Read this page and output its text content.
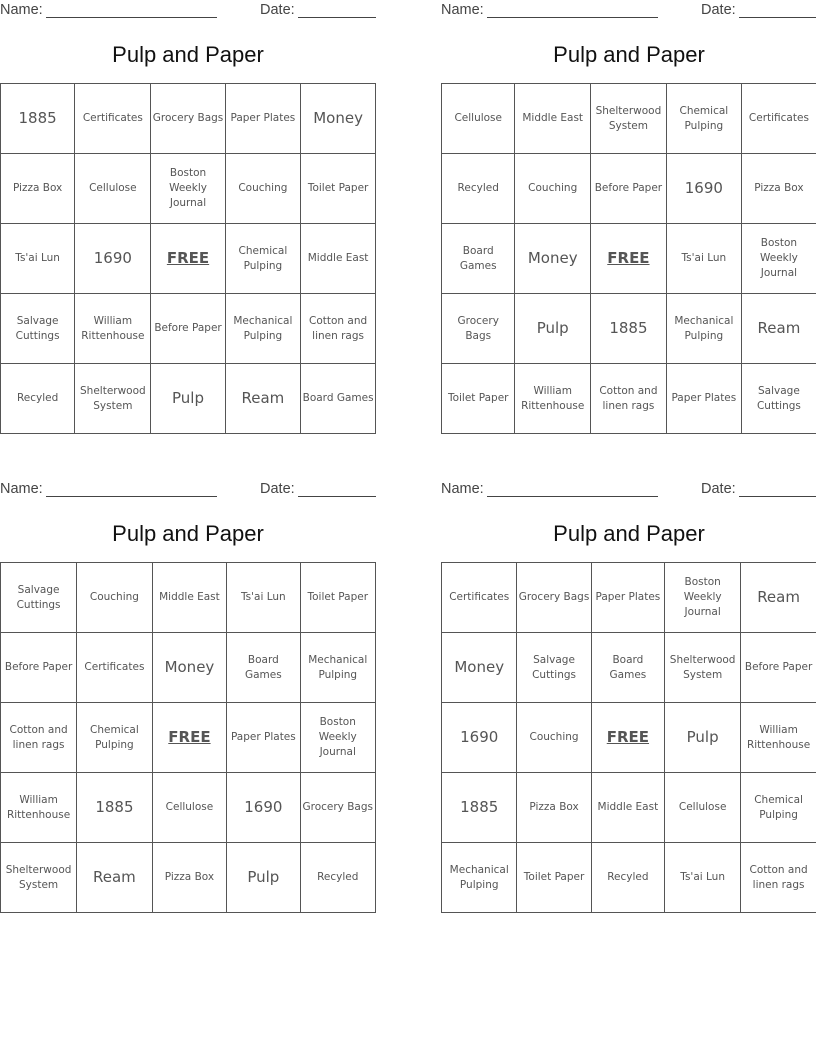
Name:	Date:
Pulp and Paper
1885	Certificates	Grocery Bags	Paper Plates	Money
Pizza Box	Cellulose	Boston Weekly Journal	Couching	Toilet Paper
Ts'ai Lun	1690	FREE	Chemical Pulping	Middle East
Salvage Cuttings	William Rittenhouse	Before Paper	Mechanical Pulping	Cotton and linen rags
Recyled	Shelterwood System	Pulp	Ream	Board Games
Name:	Date:
Pulp and Paper
Cellulose	Middle East	Shelterwood System	Chemical Pulping	Certificates
Recyled	Couching	Before Paper	1690	Pizza Box
Board Games	Money	FREE	Ts'ai Lun	Boston Weekly Journal
Grocery Bags	Pulp	1885	Mechanical Pulping	Ream
Toilet Paper	William Rittenhouse	Cotton and linen rags	Paper Plates	Salvage Cuttings
Name:	Date:
Pulp and Paper
Salvage Cuttings	Couching	Middle East	Ts'ai Lun	Toilet Paper
Before Paper	Certificates	Money	Board Games	Mechanical Pulping
Cotton and linen rags	Chemical Pulping	FREE	Paper Plates	Boston Weekly Journal
William Rittenhouse	1885	Cellulose	1690	Grocery Bags
Shelterwood System	Ream	Pizza Box	Pulp	Recyled
Name:	Date:
Pulp and Paper
Certificates	Grocery Bags	Paper Plates	Boston Weekly Journal	Ream
Money	Salvage Cuttings	Board Games	Shelterwood System	Before Paper
1690	Couching	FREE	Pulp	William Rittenhouse
1885	Pizza Box	Middle East	Cellulose	Chemical Pulping
Mechanical Pulping	Toilet Paper	Recyled	Ts'ai Lun	Cotton and linen rags
